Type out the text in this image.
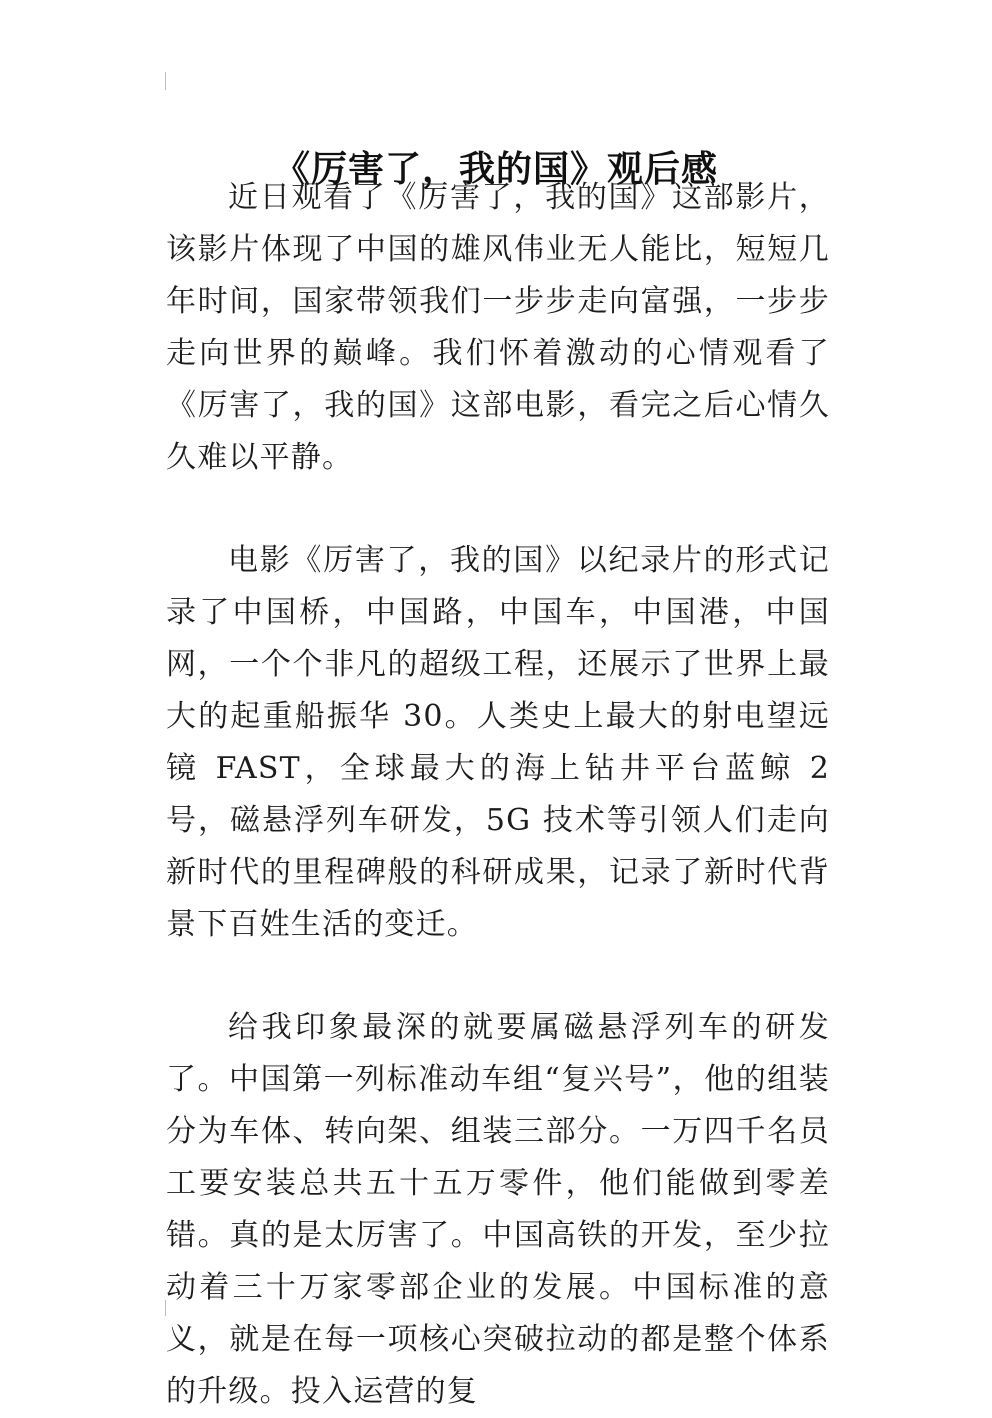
《厉害了，我的国》观后感

近日观看了《厉害了，我的国》这部影片，该影片体现了中国的雄风伟业无人能比，短短几年时间，国家带领我们一步步走向富强，一步步走向世界的巅峰。我们怀着激动的心情观看了《厉害了，我的国》这部电影，看完之后心情久久难以平静。

电影《厉害了，我的国》以纪录片的形式记录了中国桥，中国路，中国车，中国港，中国网，一个个非凡的超级工程，还展示了世界上最大的起重船振华 30。人类史上最大的射电望远镜 FAST，全球最大的海上钻井平台蓝鲸 2 号，磁悬浮列车研发，5G 技术等引领人们走向新时代的里程碑般的科研成果，记录了新时代背景下百姓生活的变迁。

给我印象最深的就要属磁悬浮列车的研发了。中国第一列标准动车组“复兴号”，他的组装分为车体、转向架、组装三部分。一万四千名员工要安装总共五十五万零件，他们能做到零差错。真的是太厉害了。中国高铁的开发，至少拉动着三十万家零部企业的发展。中国标准的意义，就是在每一项核心突破拉动的都是整个体系的升级。投入运营的复
